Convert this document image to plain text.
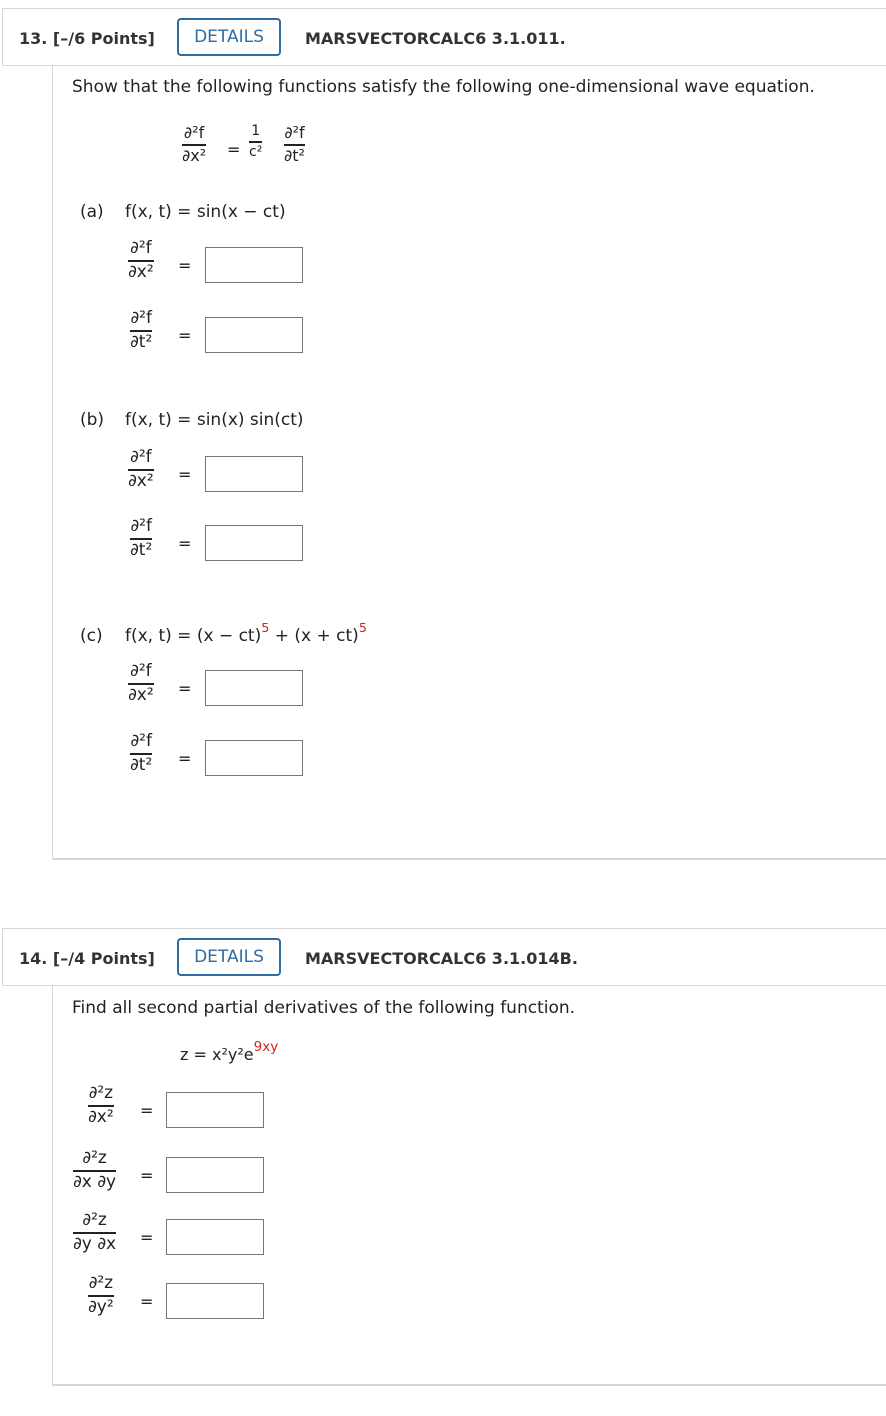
13. [–/6 Points]	DETAILS	MARSVECTORCALC6 3.1.011.
Show that the following functions satisfy the following one-dimensional wave equation.
∂²f
∂x² =
1
c²
∂²f
∂t²
(a) f(x, t) = sin(x − ct)
∂²f
∂x² =
∂²f
∂t² =
(b) f(x, t) = sin(x) sin(ct)
∂²f
∂x² =
∂²f
∂t² =
(c) f(x, t) = (x − ct)$^5$ + (x + ct)$^5$
∂²f
∂x² =
∂²f
∂t² =
14. [–/4 Points]	DETAILS	MARSVECTORCALC6 3.1.014B.
Find all second partial derivatives of the following function.
$z = x^2y^2e^{9xy}$
∂²z
∂x² =
∂²z
∂x ∂y =
∂²z
∂y ∂x =
∂²z
∂y² =
